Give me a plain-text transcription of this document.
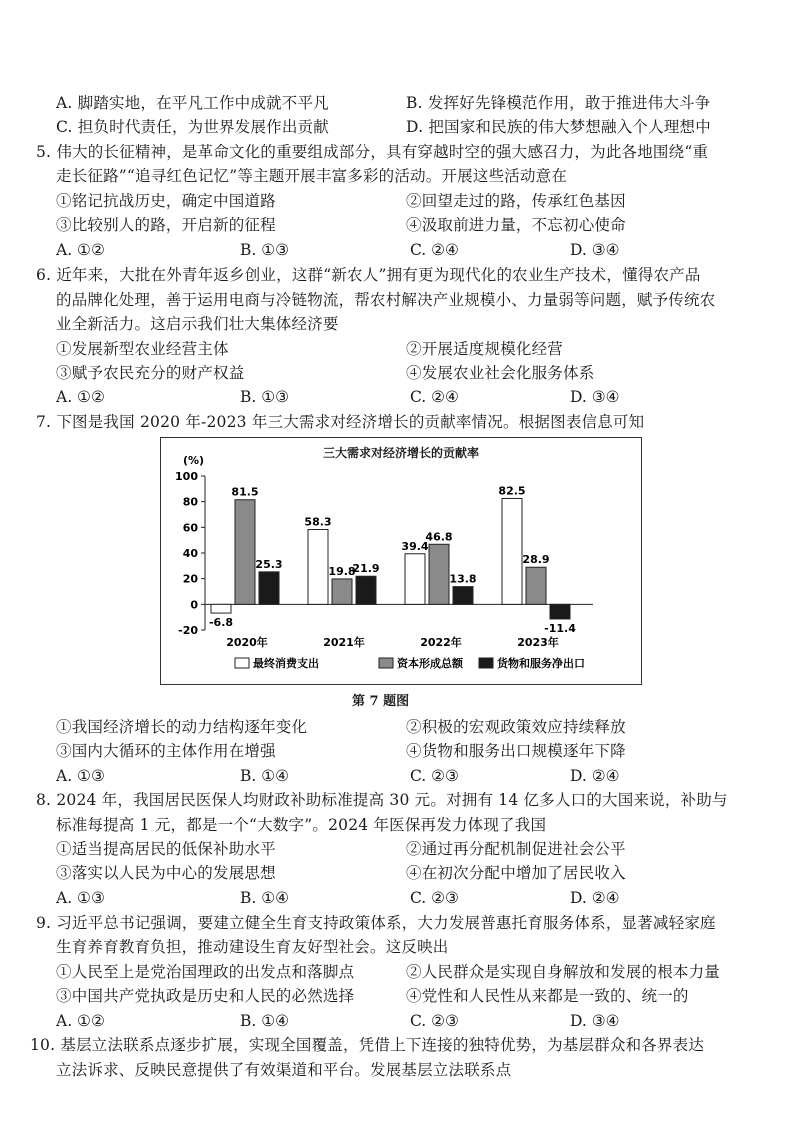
A. 脚踏实地，在平凡工作中成就不平凡	B. 发挥好先锋模范作用，敢于推进伟大斗争
C. 担负时代责任，为世界发展作出贡献	D. 把国家和民族的伟大梦想融入个人理想中
5. 伟大的长征精神，是革命文化的重要组成部分，具有穿越时空的强大感召力，为此各地围绕“重
走长征路”“追寻红色记忆”等主题开展丰富多彩的活动。开展这些活动意在
①铭记抗战历史，确定中国道路	②回望走过的路，传承红色基因
③比较别人的路，开启新的征程	④汲取前进力量，不忘初心使命
A. ①②	B. ①③	C. ②④	D. ③④
6. 近年来，大批在外青年返乡创业，这群“新农人”拥有更为现代化的农业生产技术，懂得农产品
的品牌化处理，善于运用电商与冷链物流，帮农村解决产业规模小、力量弱等问题，赋予传统农
业全新活力。这启示我们壮大集体经济要
①发展新型农业经营主体	②开展适度规模化经营
③赋予农民充分的财产权益	④发展农业社会化服务体系
A. ①②	B. ①③	C. ②④	D. ③④
7. 下图是我国 2020 年-2023 年三大需求对经济增长的贡献率情况。根据图表信息可知
三大需求对经济增长的贡献率
(%)
100
80
60
40
20
0
-20
-6.8
81.5
25.3
2020年
58.3
19.8
21.9
2021年
39.4
46.8
13.8
2022年
82.5
28.9
-11.4
2023年
最终消费支出	资本形成总额	货物和服务净出口
第 7 题图
①我国经济增长的动力结构逐年变化	②积极的宏观政策效应持续释放
③国内大循环的主体作用在增强	④货物和服务出口规模逐年下降
A. ①③	B. ①④	C. ②③	D. ②④
8. 2024 年，我国居民医保人均财政补助标准提高 30 元。对拥有 14 亿多人口的大国来说，补助与
标准每提高 1 元，都是一个“大数字”。2024 年医保再发力体现了我国
①适当提高居民的低保补助水平	②通过再分配机制促进社会公平
③落实以人民为中心的发展思想	④在初次分配中增加了居民收入
A. ①③	B. ①④	C. ②③	D. ②④
9. 习近平总书记强调，要建立健全生育支持政策体系，大力发展普惠托育服务体系，显著减轻家庭
生育养育教育负担，推动建设生育友好型社会。这反映出
①人民至上是党治国理政的出发点和落脚点	②人民群众是实现自身解放和发展的根本力量
③中国共产党执政是历史和人民的必然选择	④党性和人民性从来都是一致的、统一的
A. ①②	B. ①④	C. ②③	D. ③④
10. 基层立法联系点逐步扩展，实现全国覆盖，凭借上下连接的独特优势，为基层群众和各界表达
立法诉求、反映民意提供了有效渠道和平台。发展基层立法联系点
